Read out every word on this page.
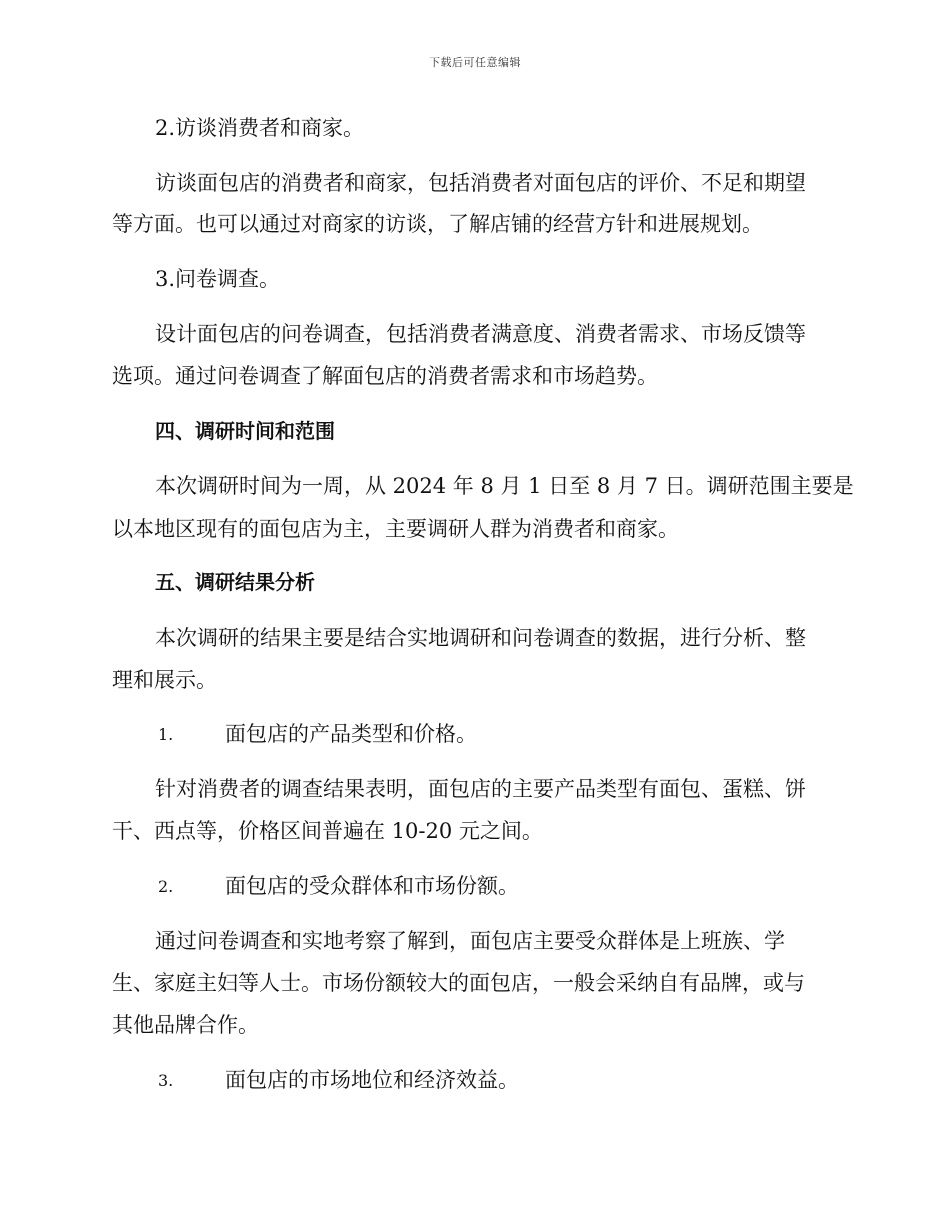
下载后可任意编辑
2.访谈消费者和商家。
访谈面包店的消费者和商家，包括消费者对面包店的评价、不足和期望
等方面。也可以通过对商家的访谈，了解店铺的经营方针和进展规划。
3.问卷调查。
设计面包店的问卷调查，包括消费者满意度、消费者需求、市场反馈等
选项。通过问卷调查了解面包店的消费者需求和市场趋势。
四、调研时间和范围
本次调研时间为一周，从 2024 年 8 月 1 日至 8 月 7 日。调研范围主要是
以本地区现有的面包店为主，主要调研人群为消费者和商家。
五、调研结果分析
本次调研的结果主要是结合实地调研和问卷调查的数据，进行分析、整
理和展示。
1. 面包店的产品类型和价格。
针对消费者的调查结果表明，面包店的主要产品类型有面包、蛋糕、饼
干、西点等，价格区间普遍在 10-20 元之间。
2. 面包店的受众群体和市场份额。
通过问卷调查和实地考察了解到，面包店主要受众群体是上班族、学
生、家庭主妇等人士。市场份额较大的面包店，一般会采纳自有品牌，或与
其他品牌合作。
3. 面包店的市场地位和经济效益。
